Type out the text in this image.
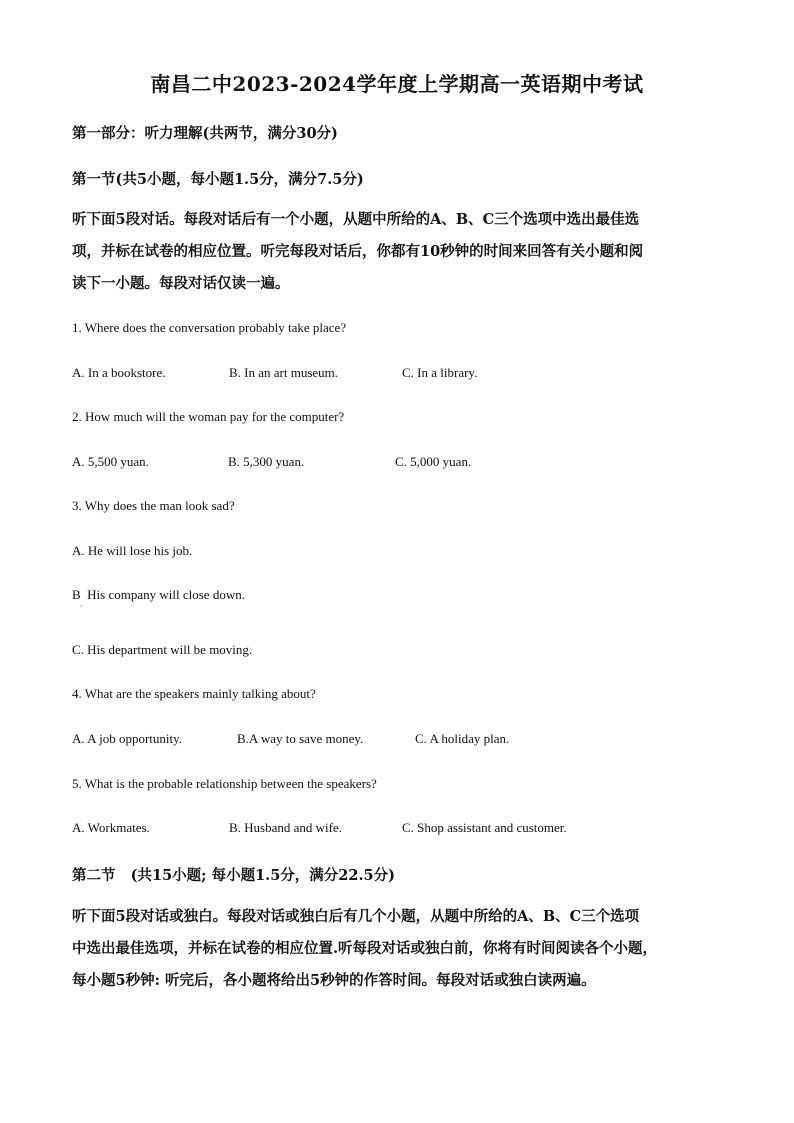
南昌二中2023-2024学年度上学期高一英语期中考试
第一部分：听力理解(共两节，满分30分)
第一节(共5小题，每小题1.5分，满分7.5分)
听下面5段对话。每段对话后有一个小题，从题中所给的A、B、C三个选项中选出最佳选
项，并标在试卷的相应位置。听完每段对话后，你都有10秒钟的时间来回答有关小题和阅
读下一小题。每段对话仅读一遍。
1. Where does the conversation probably take place?
A. In a bookstore.	B. In an art museum.	C. In a library.
2. How much will the woman pay for the computer?
A. 5,500 yuan.	B. 5,300 yuan.	C. 5,000 yuan.
3. Why does the man look sad?
A. He will lose his job.
B  His company will close down.
·
C. His department will be moving.
4. What are the speakers mainly talking about?
A. A job opportunity.	B.A way to save money.	C. A holiday plan.
5. What is the probable relationship between the speakers?
A. Workmates.	B. Husband and wife.	C. Shop assistant and customer.
第二节   (共15小题; 每小题1.5分，满分22.5分)
听下面5段对话或独白。每段对话或独白后有几个小题，从题中所给的A、B、C三个选项
中选出最佳选项，并标在试卷的相应位置.听每段对话或独白前，你将有时间阅读各个小题，
每小题5秒钟: 听完后，各小题将给出5秒钟的作答时间。每段对话或独白读两遍。
